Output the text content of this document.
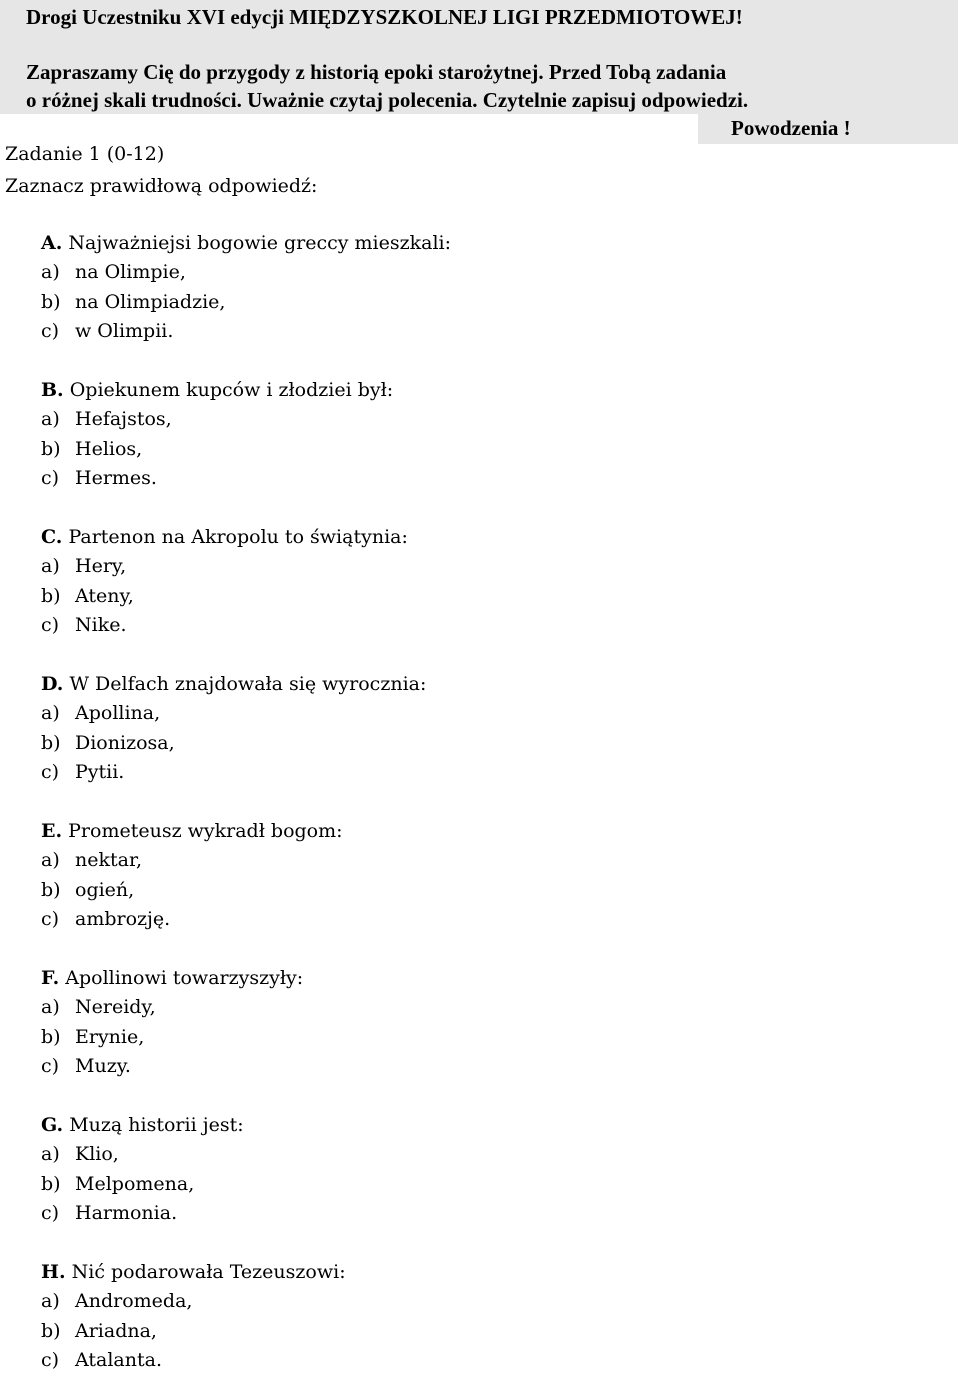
Drogi Uczestniku XVI edycji MIĘDZYSZKOLNEJ LIGI PRZEDMIOTOWEJ!
Zapraszamy Cię do przygody z historią epoki starożytnej. Przed Tobą zadania
o różnej skali trudności. Uważnie czytaj polecenia. Czytelnie zapisuj odpowiedzi.
Powodzenia !
Zadanie 1 (0-12)
Zaznacz prawidłową odpowiedź:
A. Najważniejsi bogowie greccy mieszkali:
a) na Olimpie,
b) na Olimpiadzie,
c) w Olimpii.
B. Opiekunem kupców i złodziei był:
a) Hefajstos,
b) Helios,
c) Hermes.
C. Partenon na Akropolu to świątynia:
a) Hery,
b) Ateny,
c) Nike.
D. W Delfach znajdowała się wyrocznia:
a) Apollina,
b) Dionizosa,
c) Pytii.
E. Prometeusz wykradł bogom:
a) nektar,
b) ogień,
c) ambrozję.
F. Apollinowi towarzyszyły:
a) Nereidy,
b) Erynie,
c) Muzy.
G. Muzą historii jest:
a) Klio,
b) Melpomena,
c) Harmonia.
H. Nić podarowała Tezeuszowi:
a) Andromeda,
b) Ariadna,
c) Atalanta.
